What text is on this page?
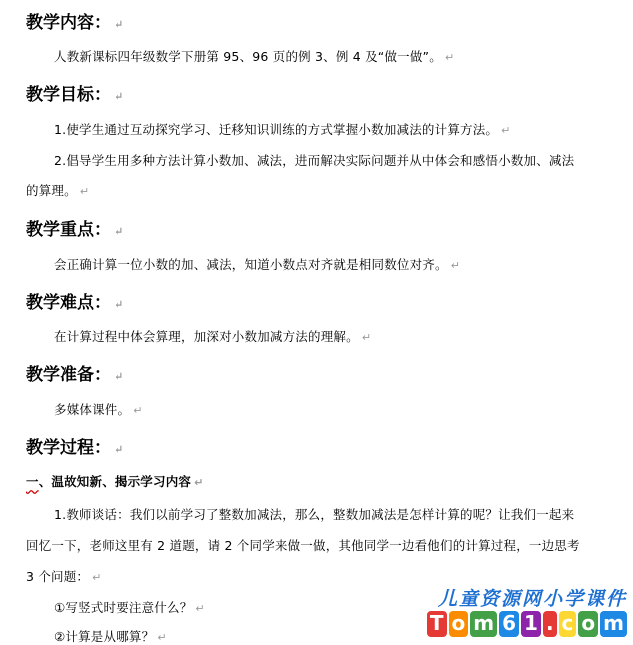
教学内容： ↵
人教新课标四年级数学下册第 95、96 页的例 3、例 4 及“做一做”。 ↵
教学目标： ↵
1.使学生通过互动探究学习、迁移知识训练的方式掌握小数加减法的计算方法。 ↵
2.倡导学生用多种方法计算小数加、减法，进而解决实际问题并从中体会和感悟小数加、减法
的算理。 ↵
教学重点： ↵
会正确计算一位小数的加、减法，知道小数点对齐就是相同数位对齐。 ↵
教学难点： ↵
在计算过程中体会算理，加深对小数加减方法的理解。 ↵
教学准备： ↵
多媒体课件。 ↵
教学过程： ↵
一、温故知新、揭示学习内容 ↵
1.教师谈话：我们以前学习了整数加减法，那么，整数加减法是怎样计算的呢？让我们一起来
回忆一下，老师这里有 2 道题，请 2 个同学来做一做，其他同学一边看他们的计算过程，一边思考
3 个问题： ↵
①写竖式时要注意什么？ ↵
②计算是从哪算？ ↵
儿童资源网小学课件
T o m 6 1 . c o m
